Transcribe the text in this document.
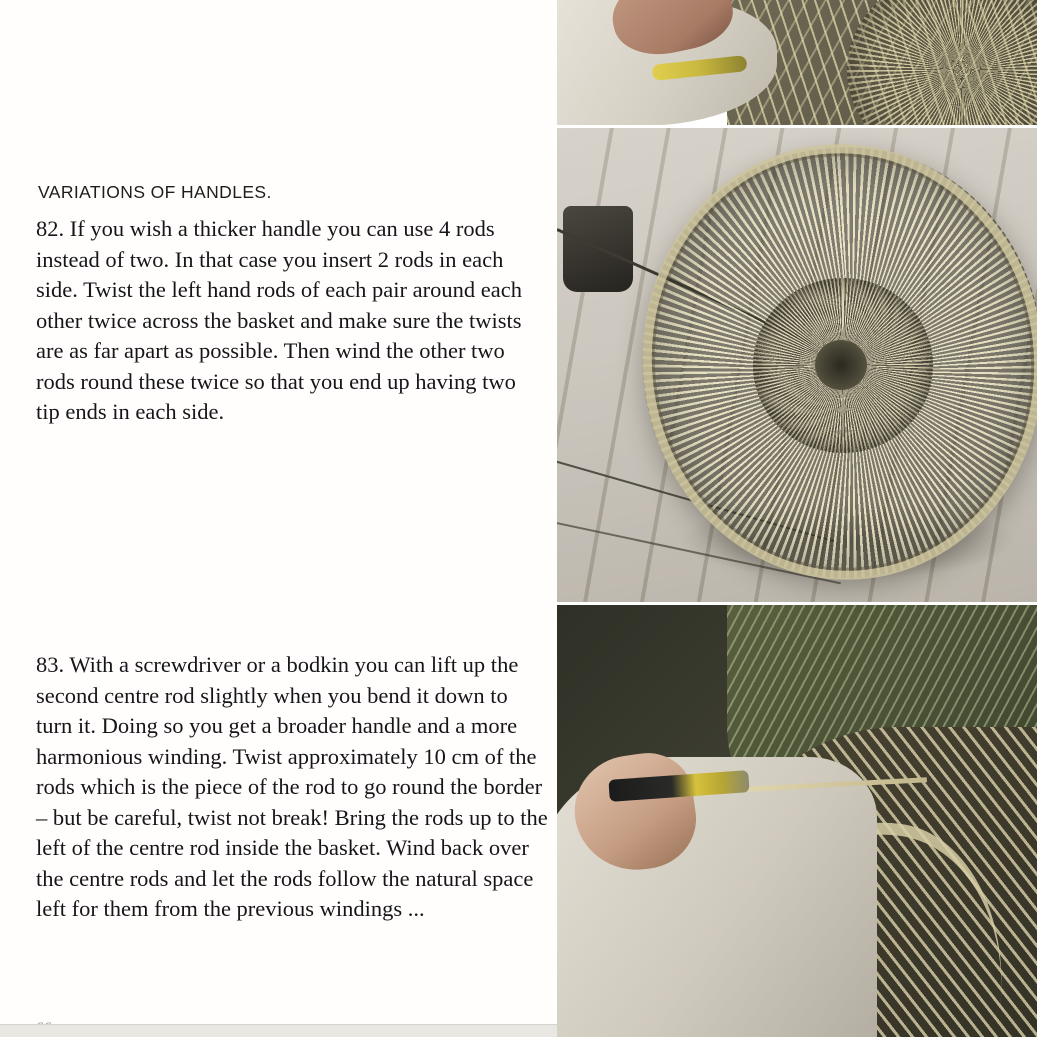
VARIATIONS OF HANDLES.
82. If you wish a thicker handle you can use 4 rods instead of two. In that case you insert 2 rods in each side. Twist the left hand rods of each pair around each other twice across the basket and make sure the twists are as far apart as possible. Then wind the other two rods round these twice so that you end up having two tip ends in each side.
83. With a screwdriver or a bodkin you can lift up the second centre rod slightly when you bend it down to turn it. Doing so you get a broader handle and a more harmonious winding. Twist approximately 10 cm of the rods which is the piece of the rod to go round the border – but be careful, twist not break! Bring the rods up to the left of the centre rod inside the basket. Wind back over the centre rods and let the rods follow the natural space left for them from the previous windings ...
